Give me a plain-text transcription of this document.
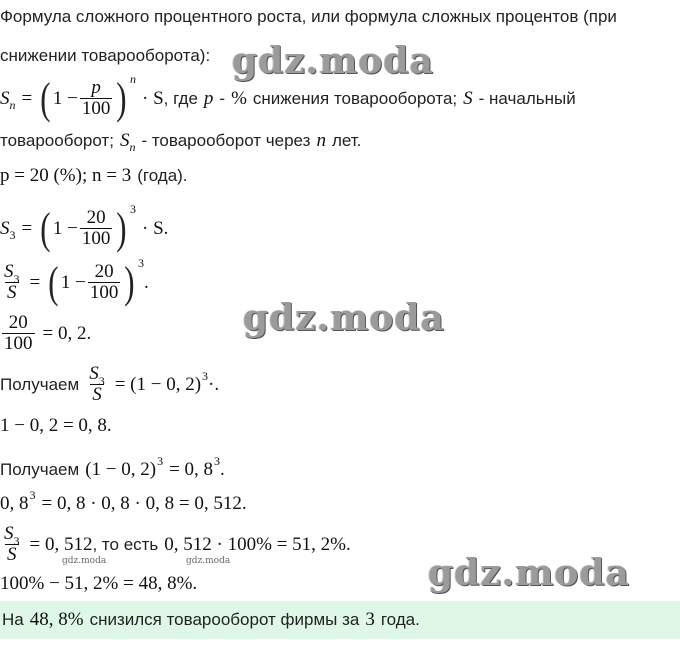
Формула сложного процентного роста, или формула сложных процентов (при
снижении товарооборота):
S n = ( $1 - \frac{p}{100}$ ) n
· S , где p - % снижения товарооборота; S - начальный
товарооборот; S n - товарооборот через n лет.
p = 20 (%); n = 3 (года).
S 3 = ( $1 - \frac{20}{100}$ ) 3
· S.
$\frac{S_3}{S}$ = ( $1 - \frac{20}{100}$ ) 3
.
$\frac{20}{100} = 0$, 2.
Получаем $\frac{S_3}{S} = (1 - 0$, 2) 3 ·.
1 − 0, 2 = 0, 8.
Получаем (1 − 0, 2) 3 = 0, 8 3 .
0, 8 3 = 0, 8 · 0, 8 · 0, 8 = 0, 512.
$\frac{S_3}{S} = 0$, 512 , то есть 0, 512 · 100% = 51, 2%.
100% − 51, 2% = 48, 8%.
На 48, 8% снизился товарооборот фирмы за 3 года.
gdz.moda
gdz.moda
gdz.moda
gdz.moda	gdz.moda
